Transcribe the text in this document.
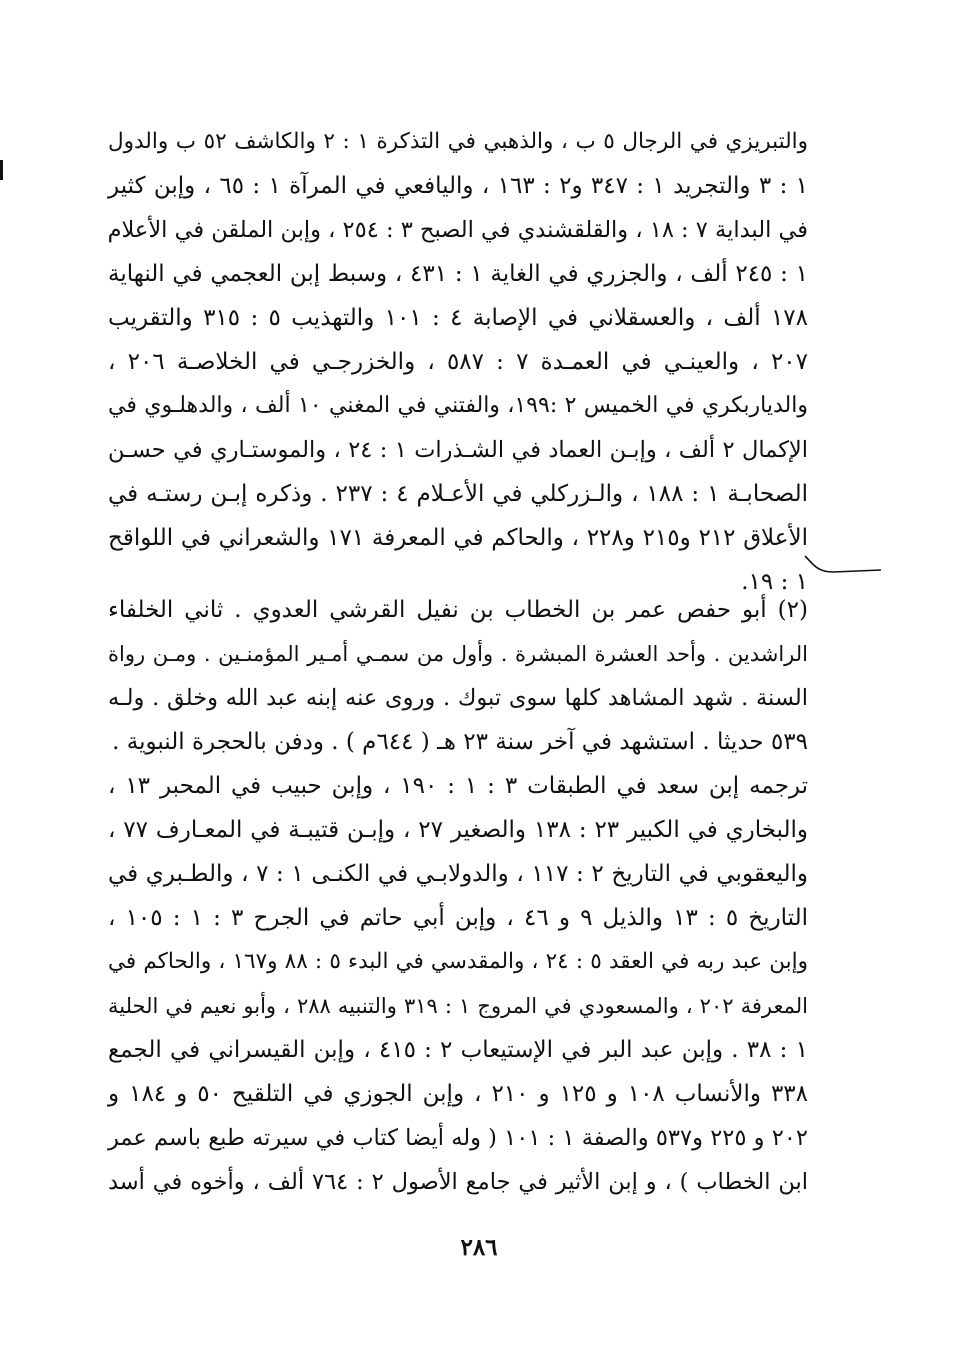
والتبريزي في الرجال ٥ ب ، والذهبي في التذكرة ١ : ٢ والكاشف ٥٢ ب والدول
١ : ٣ والتجريد ١ : ٣٤٧ و٢ : ١٦٣ ، واليافعي في المرآة ١ : ٦٥ ، وإبن كثير
في البداية ٧ : ١٨ ، والقلقشندي في الصبح ٣ : ٢٥٤ ، وإبن الملقن في الأعلام
١ : ٢٤٥ ألف ، والجزري في الغاية ١ : ٤٣١ ، وسبط إبن العجمي في النهاية
١٧٨ ألف ، والعسقلاني في الإصابة ٤ : ١٠١ والتهذيب ٥ : ٣١٥ والتقريب
٢٠٧ ، والعينـي في العمـدة ٧ : ٥٨٧ ، والخزرجـي في الخلاصـة ٢٠٦ ،
والدياربكري في الخميس ٢ :١٩٩، والفتني في المغني ١٠ ألف ، والدهلـوي في
الإكمال ٢ ألف ، وإبـن العماد في الشـذرات ١ : ٢٤ ، والموستـاري في حسـن
الصحابـة ١ : ١٨٨ ، والـزركلي في الأعـلام ٤ : ٢٣٧ . وذكره إبـن رستـه في
الأعلاق ٢١٢ و٢١٥ و٢٢٨ ، والحاكم في المعرفة ١٧١ والشعراني في اللواقح
١ : ١٩.
(٢) أبو حفص عمر بن الخطاب بن نفيل القرشي العدوي . ثاني الخلفاء
الراشدين . وأحد العشرة المبشرة . وأول من سمـي أمـير المؤمنـين . ومـن رواة
السنة . شهد المشاهد كلها سوى تبوك . وروى عنه إبنه عبد الله وخلق . ولـه
٥٣٩ حديثا . استشهد في آخر سنة ٢٣ هـ ( ٦٤٤م ) . ودفن بالحجرة النبوية .
ترجمه إبن سعد في الطبقات ٣ : ١ : ١٩٠ ، وإبن حبيب في المحبر ١٣ ،
والبخاري في الكبير ٢٣ : ١٣٨ والصغير ٢٧ ، وإبـن قتيبـة في المعـارف ٧٧ ،
واليعقوبي في التاريخ ٢ : ١١٧ ، والدولابـي في الكنـى ١ : ٧ ، والطـبري في
التاريخ ٥ : ١٣ والذيل ٩ و ٤٦ ، وإبن أبي حاتم في الجرح ٣ : ١ : ١٠٥ ،
وإبن عبد ربه في العقد ٥ : ٢٤ ، والمقدسي في البدء ٥ : ٨٨ و١٦٧ ، والحاكم في
المعرفة ٢٠٢ ، والمسعودي في المروج ١ : ٣١٩ والتنبيه ٢٨٨ ، وأبو نعيم في الحلية
١ : ٣٨ . وإبن عبد البر في الإستيعاب ٢ : ٤١٥ ، وإبن القيسراني في الجمع
٣٣٨ والأنساب ١٠٨ و ١٢٥ و ٢١٠ ، وإبن الجوزي في التلقيح ٥٠ و ١٨٤ و
٢٠٢ و ٢٢٥ و٥٣٧ والصفة ١ : ١٠١ ( وله أيضا كتاب في سيرته طبع باسم عمر
ابن الخطاب ) ، و إبن الأثير في جامع الأصول ٢ : ٧٦٤ ألف ، وأخوه في أسد
٢٨٦
